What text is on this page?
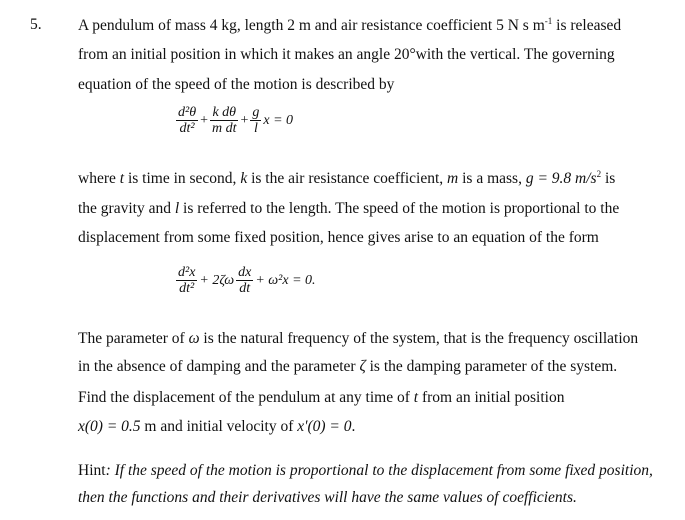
5. A pendulum of mass 4 kg, length 2 m and air resistance coefficient 5 N s $m^{-1}$ is released
from an initial position in which it makes an angle 20°with the vertical. The governing
equation of the speed of the motion is described by
$\frac{\text{d²θ}}{\text{dt²}} + \frac{\text{k dθ}}{\text{m dt}} + \frac{g}{l}$ x = 0
where t is time in second, k is the air resistance coefficient, m is a mass, g = 9.8 $m/s^2$ is
the gravity and l is referred to the length. The speed of the motion is proportional to the
displacement from some fixed position, hence gives arise to an equation of the form
$\frac{\text{d²x}}{\text{dt²}} + 2\zeta\omega \frac{dx}{dt} + \omega^2x = 0$.
The parameter of ω is the natural frequency of the system, that is the frequency oscillation
in the absence of damping and the parameter ζ is the damping parameter of the system.
Find the displacement of the pendulum at any time of t from an initial position
x(0) = 0.5 m and initial velocity of x'(0) = 0.
Hint: If the speed of the motion is proportional to the displacement from some fixed position,
then the functions and their derivatives will have the same values of coefficients.
